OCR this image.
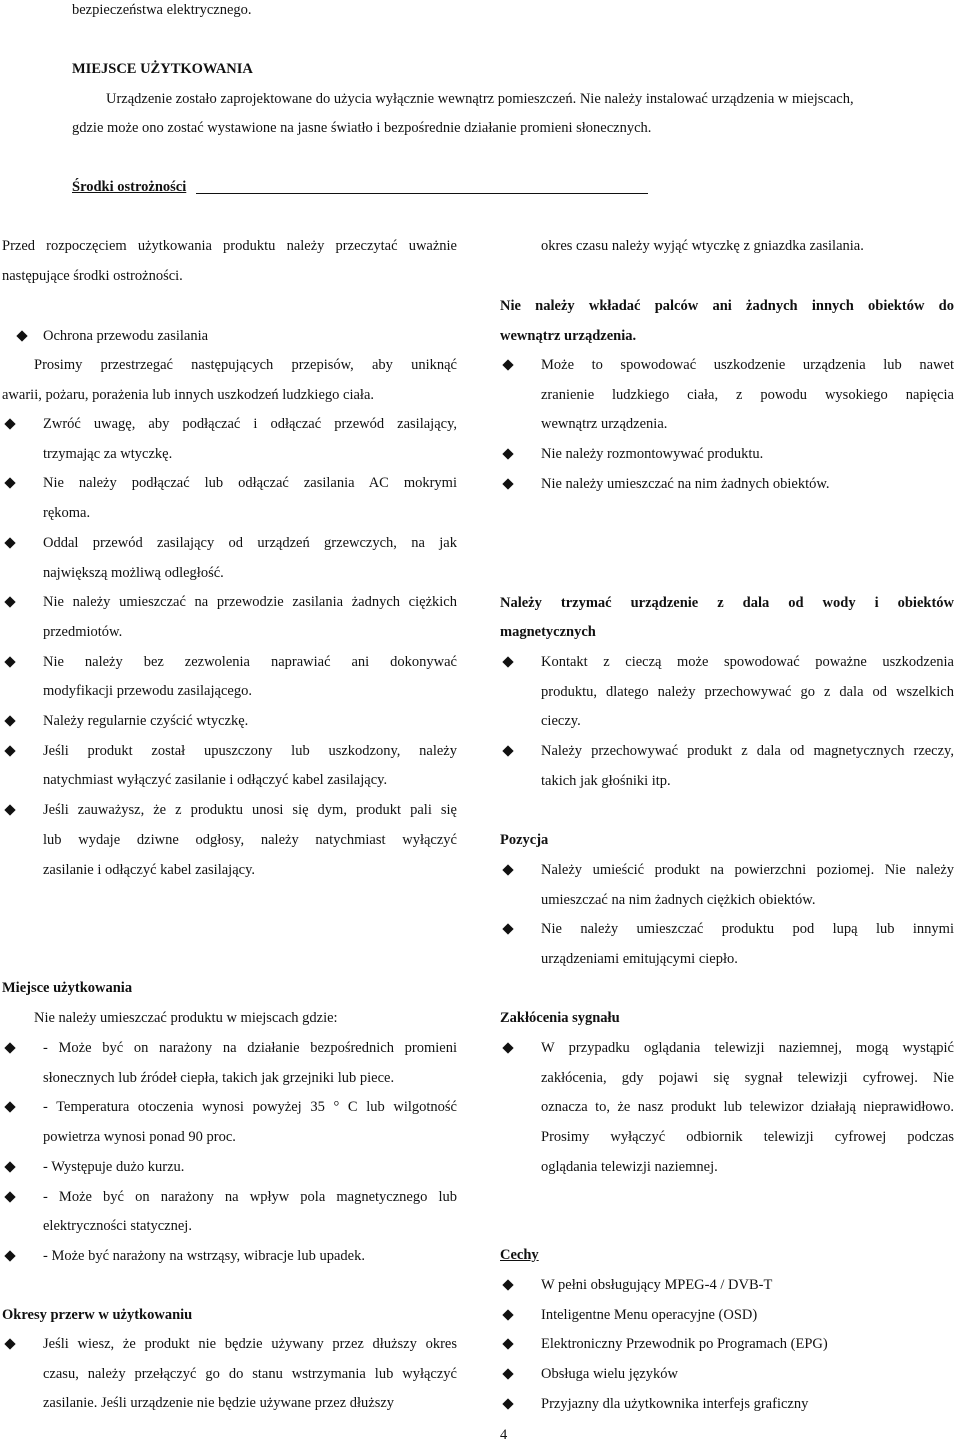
bezpieczeństwa elektrycznego.
MIEJSCE UŻYTKOWANIA
Urządzenie zostało zaprojektowane do użycia wyłącznie wewnątrz pomieszczeń. Nie należy instalować urządzenia w miejscach,
gdzie może ono zostać wystawione na jasne światło i bezpośrednie działanie promieni słonecznych.
Środki ostrożności
4
Przed rozpoczęciem użytkowania produktu należy przeczytać uważnie
następujące środki ostrożności.
Ochrona przewodu zasilania
Prosimy przestrzegać następujących przepisów, aby uniknąć
awarii, pożaru, porażenia lub innych uszkodzeń ludzkiego ciała.
Zwróć uwagę, aby podłączać i odłączać przewód zasilający,
trzymając za wtyczkę.
Nie należy podłączać lub odłączać zasilania AC mokrymi
rękoma.
Oddal przewód zasilający od urządzeń grzewczych, na jak
największą możliwą odległość.
Nie należy umieszczać na przewodzie zasilania żadnych ciężkich
przedmiotów.
Nie należy bez zezwolenia naprawiać ani dokonywać
modyfikacji przewodu zasilającego.
Należy regularnie czyścić wtyczkę.
Jeśli produkt został upuszczony lub uszkodzony, należy
natychmiast wyłączyć zasilanie i odłączyć kabel zasilający.
Jeśli zauważysz, że z produktu unosi się dym, produkt pali się
lub wydaje dziwne odgłosy, należy natychmiast wyłączyć
zasilanie i odłączyć kabel zasilający.
Miejsce użytkowania
Nie należy umieszczać produktu w miejscach gdzie:
- Może być on narażony na działanie bezpośrednich promieni
słonecznych lub źródeł ciepła, takich jak grzejniki lub piece.
- Temperatura otoczenia wynosi powyżej 35 ° C lub wilgotność
powietrza wynosi ponad 90 proc.
- Występuje dużo kurzu.
- Może być on narażony na wpływ pola magnetycznego lub
elektryczności statycznej.
- Może być narażony na wstrząsy, wibracje lub upadek.
Okresy przerw w użytkowaniu
Jeśli wiesz, że produkt nie będzie używany przez dłuższy okres
czasu, należy przełączyć go do stanu wstrzymania lub wyłączyć
zasilanie. Jeśli urządzenie nie będzie używane przez dłuższy
okres czasu należy wyjąć wtyczkę z gniazdka zasilania.
Nie należy wkładać palców ani żadnych innych obiektów do
wewnątrz urządzenia.
Może to spowodować uszkodzenie urządzenia lub nawet
zranienie ludzkiego ciała, z powodu wysokiego napięcia
wewnątrz urządzenia.
Nie należy rozmontowywać produktu.
Nie należy umieszczać na nim żadnych obiektów.
Należy trzymać urządzenie z dala od wody i obiektów
magnetycznych
Kontakt z cieczą może spowodować poważne uszkodzenia
produktu, dlatego należy przechowywać go z dala od wszelkich
cieczy.
Należy przechowywać produkt z dala od magnetycznych rzeczy,
takich jak głośniki itp.
Pozycja
Należy umieścić produkt na powierzchni poziomej. Nie należy
umieszczać na nim żadnych ciężkich obiektów.
Nie należy umieszczać produktu pod lupą lub innymi
urządzeniami emitującymi ciepło.
Zakłócenia sygnału
W przypadku oglądania telewizji naziemnej, mogą wystąpić
zakłócenia, gdy pojawi się sygnał telewizji cyfrowej. Nie
oznacza to, że nasz produkt lub telewizor działają nieprawidłowo.
Prosimy wyłączyć odbiornik telewizji cyfrowej podczas
oglądania telewizji naziemnej.
Cechy
W pełni obsługujący MPEG-4 / DVB-T
Inteligentne Menu operacyjne (OSD)
Elektroniczny Przewodnik po Programach (EPG)
Obsługa wielu języków
Przyjazny dla użytkownika interfejs graficzny
